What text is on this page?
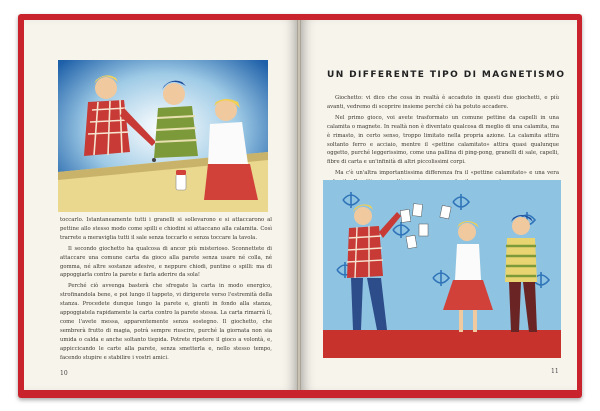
toccarlo. Istantaneamente tutti i granelli si sollevarono e si attaccarono al pettine allo stesso modo come spilli e chiodini si attaccano alla calamita. Così trarrete a meraviglia tutti il sale senza toccarlo e senza toccare la tavola.

Il secondo giochetto ha qualcosa di ancor più misterioso. Sconnettete di attaccare una comune carta da gioco alla parete senza usare né colla, né gomma, né altre sostanze adesive, e neppure chiodi, puntine o spilli: ma di appoggiarla contro la parete e farla aderire da sola!

Perché ciò avvenga basterà che sfregate la carta in modo energico, strofinandola bene, e poi lungo il tappeto, vi dirigerete verso l'estremità della stanza. Procedete dunque lungo la parete e, giunti in fondo alla stanza, appoggiatela rapidamente la carta contro la parete stessa. La carta rimarrà lì, come l'avete messa, apparentemente senza sostegno. Il giochetto, che sembrerà frutto di magia, potrà sempre riuscire, purché la giornata non sia umida o calda e anche soltanto tiepida. Potrete ripetere il gioco a volontà, e, appiccicando le carte alla parete, senza smetterla e, nello stesso tempo, facendo stupire e stabilire i vostri amici.

10
UN DIFFERENTE TIPO DI MAGNETISMO

Giochetto: vi dico che cosa in realtà è accaduto in questi due giochetti, e più avanti, vedremo di scoprire insieme perché ciò ha potuto accadere.

Nel primo gioco, voi avete trasformato un comune pettine da capelli in una calamita o magnete. In realtà non è diventato qualcosa di meglio di una calamita, ma è rimasto, in certo senso, troppo limitato nella propria azione. La calamita attira soltanto ferro e acciaio, mentre il «pettine calamitato» attira quasi qualunque oggetto, purché leggerissimo, come una pallina di ping-pong, granelli di sale, capelli, fibre di carta e un'infinità di altri piccolissimi corpi.

Ma c'è un'altra importantissima differenza fra il «pettine calamitato» e una vera

11
